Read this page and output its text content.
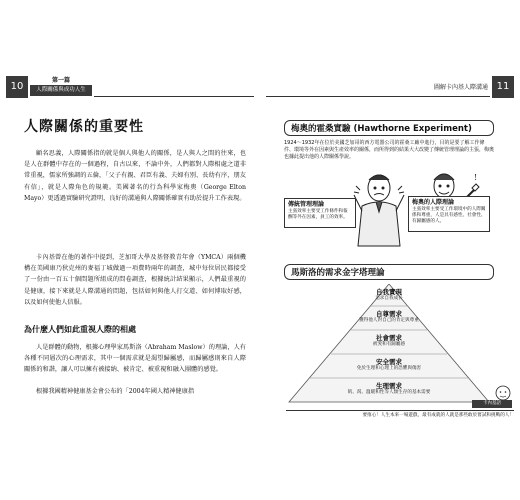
10
第一篇
人際關係與成功人生
人際關係的重要性
顧名思義，人際關係指的就是個人與他人的關係，是人與人之間的往來，也是人在群體中存在的一個過程，自古以來，不論中外，人們都對人際相處之道非常重視，儒家所強調的五倫，「父子有親、君臣有義、夫婦有別、長幼有序，朋友有信」，就是人際角色的規範。美國著名的行為科學家梅奧（George Elton Mayo）更透過實驗研究證明，良好的溝通與人際關係確實有助於提升工作表現。
卡內基曾在他的著作中提到，芝加哥大學及基督教青年會（YMCA）兩個機構在美國康乃狄克州的麥福丁城做過一項費時兩年的調查，城中每位居民都接受了一份由一百五十個問題所組成的問卷調查，根據統計結果顯示，人們最重視的是健康，接下來就是人際溝通的問題，包括如何與他人打交道、如何博取好感，以及如何使他人信服。
為什麼人們如此重視人際的相處
人是群體的動物，根據心理學家馬斯洛（Abraham Maslow）的理論，人有各種不同層次的心理需求，其中一個需求就是渴望歸屬感，而歸屬感則來自人際關係的和諧，讓人可以擁有被接納、被肯定、被重視和融入團體的感覺。
根據我國精神健康基金會公布的「2004年國人精神健康指
圖解卡內基人際溝通 11
梅奧的霍桑實驗 (Hawthorne Experiment)
1924～1932年在位於美國芝加哥的西方電器公司的霍桑工廠中進行，目的是要了解工作條件、環境等外在因素與生產效率的關係，而所得到的結果大大改變了傳統管理理論的主張，梅奧也據此提出他的人際關係學說。
!
傳統管理理論
主張效率主要受工作條件和報酬等外在因素，員工的效率。
梅奧的人際理論
主張效率主要受工作環境中的人際關係和尊重，人是具有感性、社會性、有歸屬感的人。
馬斯洛的需求金字塔理論
自我實現
追求自我成長
自尊需求
獲得他人對自己的肯定與尊重
社會需求
被愛和有歸屬感
安全需求
免於生理和心理上的恐懼與傷害
生理需求
飢、渴、溫暖和性等人類生存的基本需要
卡內基語
要推心！人生本來一場遊戲，最有成就的人就是那些敢於嘗試和挑戰的人！
